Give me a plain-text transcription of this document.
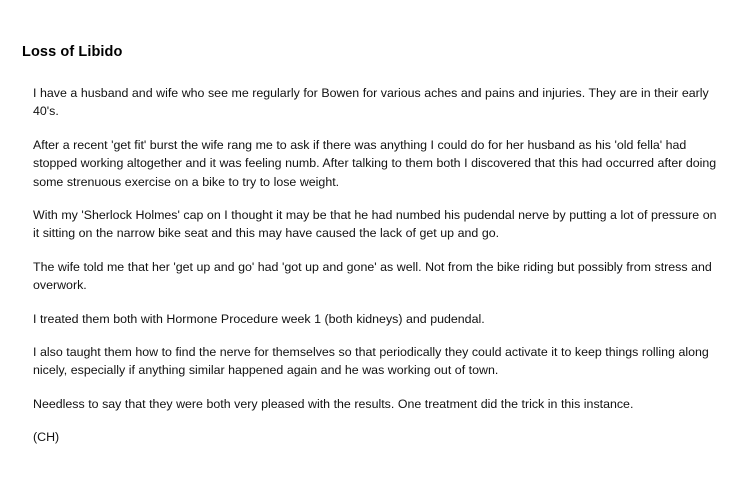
Loss of Libido

I have a husband and wife who see me regularly for Bowen for various aches and pains and injuries. They are in their early 40's.

After a recent 'get fit' burst the wife rang me to ask if there was anything I could do for her husband as his 'old fella' had stopped working altogether and it was feeling numb. After talking to them both I discovered that this had occurred after doing some strenuous exercise on a bike to try to lose weight.

With my 'Sherlock Holmes' cap on I thought it may be that he had numbed his pudendal nerve by putting a lot of pressure on it sitting on the narrow bike seat and this may have caused the lack of get up and go.

The wife told me that her 'get up and go' had 'got up and gone' as well. Not from the bike riding but possibly from stress and overwork.

I treated them both with Hormone Procedure week 1 (both kidneys) and pudendal.

I also taught them how to find the nerve for themselves so that periodically they could activate it to keep things rolling along nicely, especially if anything similar happened again and he was working out of town.

Needless to say that they were both very pleased with the results. One treatment did the trick in this instance.

(CH)
